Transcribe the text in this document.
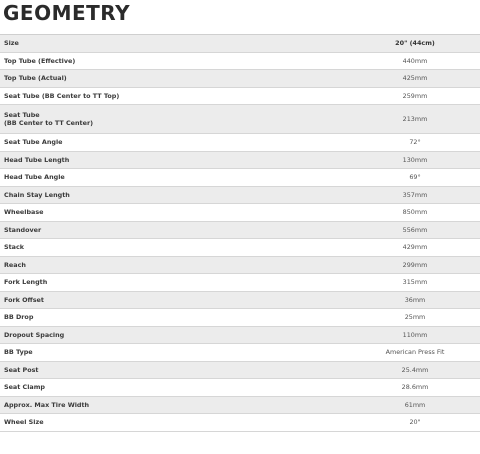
GEOMETRY
Size	20" (44cm)
Top Tube (Effective)	440mm
Top Tube (Actual)	425mm
Seat Tube (BB Center to TT Top)	259mm
Seat Tube
(BB Center to TT Center)	213mm
Seat Tube Angle	72°
Head Tube Length	130mm
Head Tube Angle	69°
Chain Stay Length	357mm
Wheelbase	850mm
Standover	556mm
Stack	429mm
Reach	299mm
Fork Length	315mm
Fork Offset	36mm
BB Drop	25mm
Dropout Spacing	110mm
BB Type	American Press Fit
Seat Post	25.4mm
Seat Clamp	28.6mm
Approx. Max Tire Width	61mm
Wheel Size	20"
